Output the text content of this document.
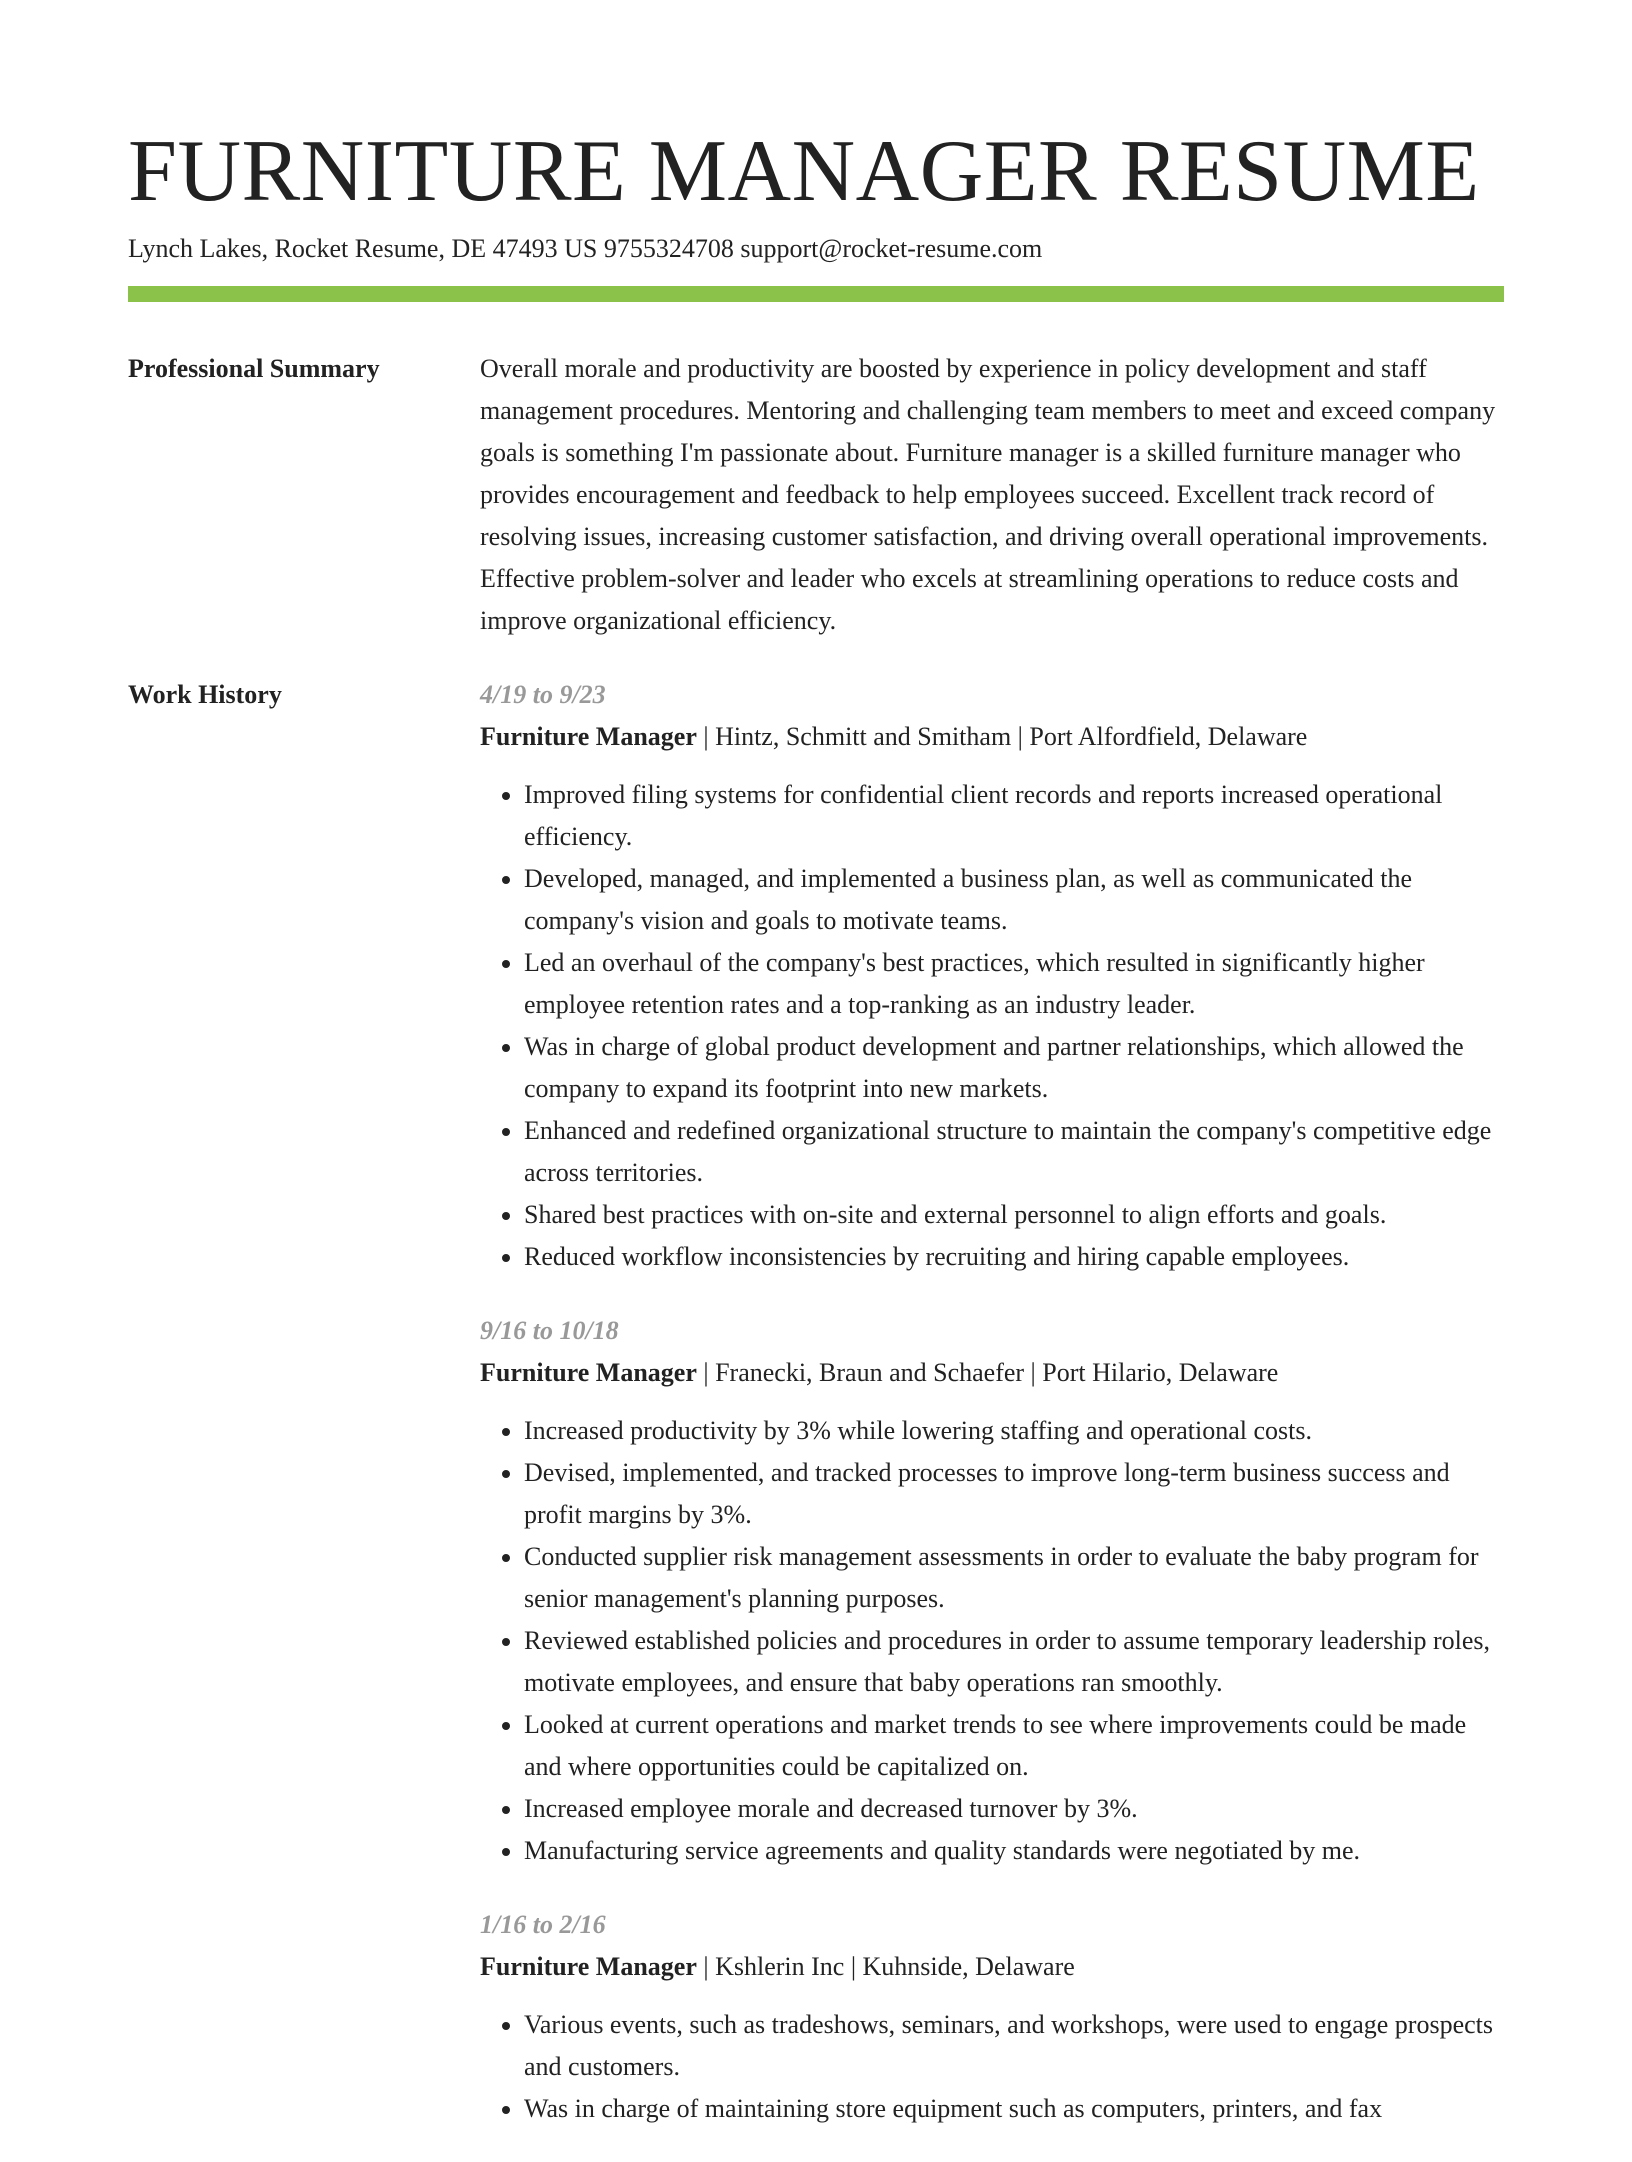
FURNITURE MANAGER RESUME
Lynch Lakes, Rocket Resume, DE 47493 US 9755324708 support@rocket-resume.com
Professional Summary	Overall morale and productivity are boosted by experience in policy development and staff management procedures. Mentoring and challenging team members to meet and exceed company goals is something I'm passionate about. Furniture manager is a skilled furniture manager who provides encouragement and feedback to help employees succeed. Excellent track record of resolving issues, increasing customer satisfaction, and driving overall operational improvements. Effective problem-solver and leader who excels at streamlining operations to reduce costs and improve organizational efficiency.

Work History	4/19 to 9/23
Furniture Manager | Hintz, Schmitt and Smitham | Port Alfordfield, Delaware
• Improved filing systems for confidential client records and reports increased operational efficiency.
• Developed, managed, and implemented a business plan, as well as communicated the company's vision and goals to motivate teams.
• Led an overhaul of the company's best practices, which resulted in significantly higher employee retention rates and a top-ranking as an industry leader.
• Was in charge of global product development and partner relationships, which allowed the company to expand its footprint into new markets.
• Enhanced and redefined organizational structure to maintain the company's competitive edge across territories.
• Shared best practices with on-site and external personnel to align efforts and goals.
• Reduced workflow inconsistencies by recruiting and hiring capable employees.
9/16 to 10/18
Furniture Manager | Franecki, Braun and Schaefer | Port Hilario, Delaware
• Increased productivity by 3% while lowering staffing and operational costs.
• Devised, implemented, and tracked processes to improve long-term business success and profit margins by 3%.
• Conducted supplier risk management assessments in order to evaluate the baby program for senior management's planning purposes.
• Reviewed established policies and procedures in order to assume temporary leadership roles, motivate employees, and ensure that baby operations ran smoothly.
• Looked at current operations and market trends to see where improvements could be made and where opportunities could be capitalized on.
• Increased employee morale and decreased turnover by 3%.
• Manufacturing service agreements and quality standards were negotiated by me.
1/16 to 2/16
Furniture Manager | Kshlerin Inc | Kuhnside, Delaware
• Various events, such as tradeshows, seminars, and workshops, were used to engage prospects and customers.
• Was in charge of maintaining store equipment such as computers, printers, and fax
